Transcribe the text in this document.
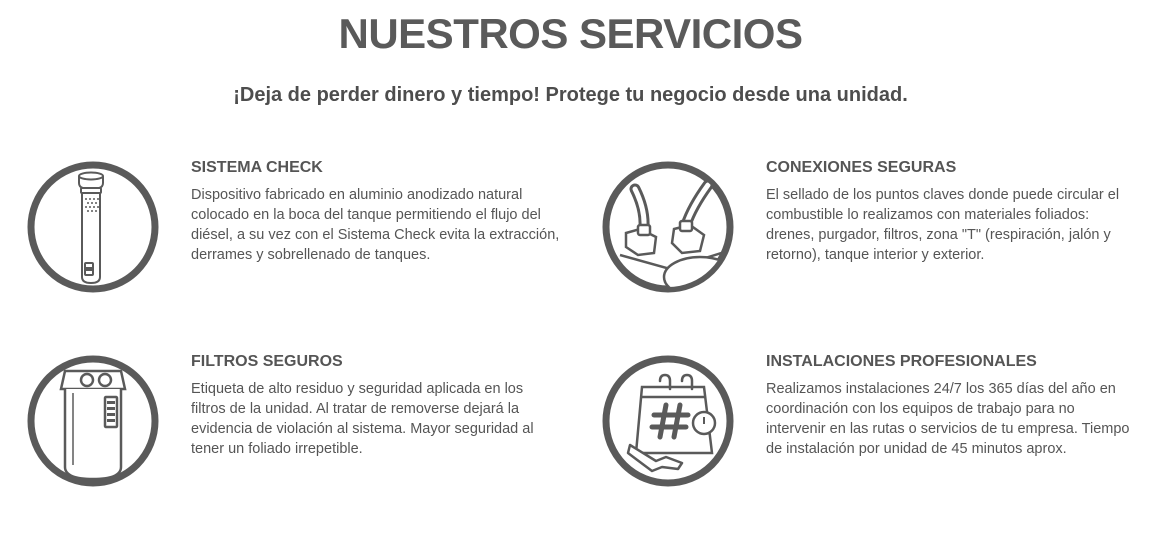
NUESTROS SERVICIOS
¡Deja de perder dinero y tiempo! Protege tu negocio desde una unidad.
SISTEMA CHECK

Dispositivo fabricado en aluminio anodizado natural colocado en la boca del tanque permitiendo el flujo del diésel, a su vez con el Sistema Check evita la extracción, derrames y sobrellenado de tanques.

CONEXIONES SEGURAS

El sellado de los puntos claves donde puede circular el combustible lo realizamos con materiales foliados: drenes, purgador, filtros, zona "T" (respiración, jalón y retorno), tanque interior y exterior.

FILTROS SEGUROS

Etiqueta de alto residuo y seguridad aplicada en los filtros de la unidad. Al tratar de removerse dejará la evidencia de violación al sistema. Mayor seguridad al tener un foliado irrepetible.

INSTALACIONES PROFESIONALES

Realizamos instalaciones 24/7 los 365 días del año en coordinación con los equipos de trabajo para no intervenir en las rutas o servicios de tu empresa. Tiempo de instalación por unidad de 45 minutos aprox.
